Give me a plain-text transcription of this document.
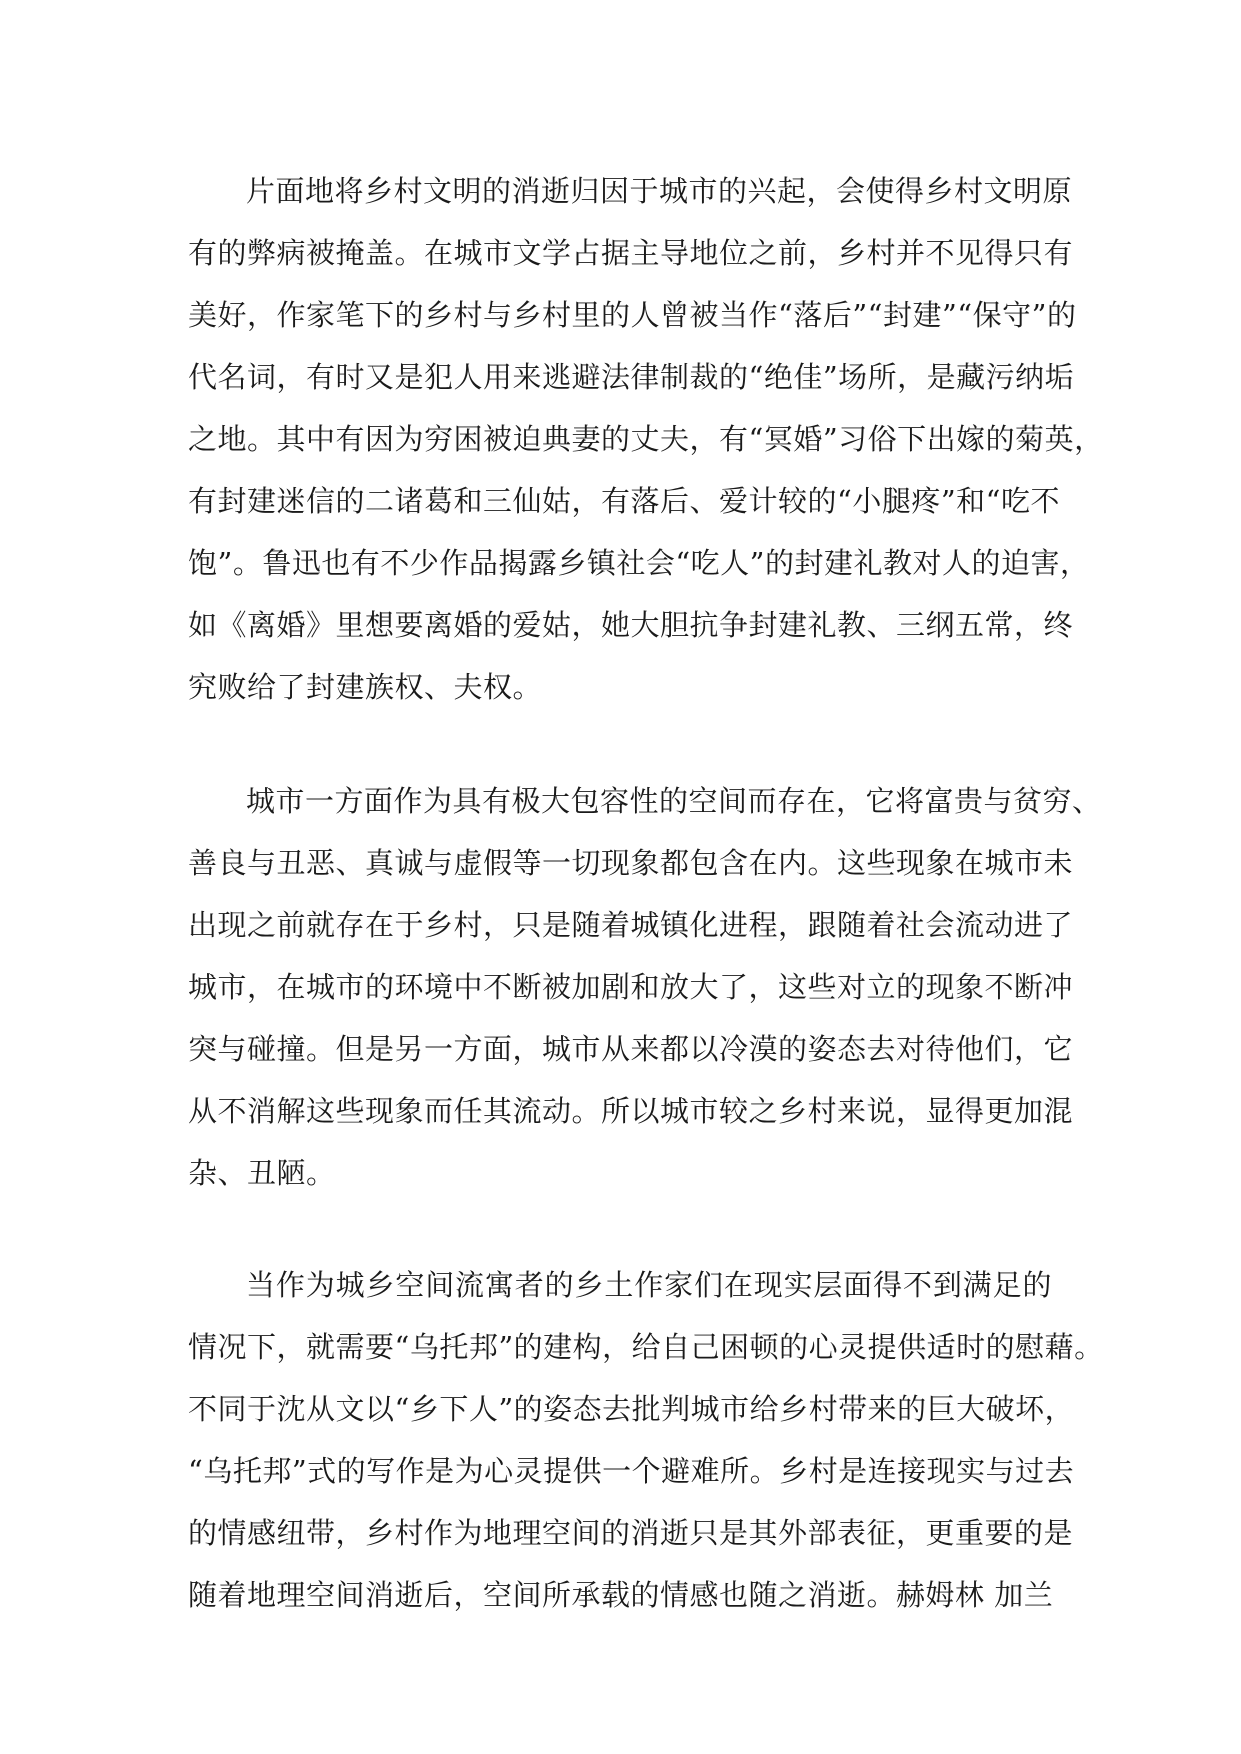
片面地将乡村文明的消逝归因于城市的兴起，会使得乡村文明原
有的弊病被掩盖。在城市文学占据主导地位之前，乡村并不见得只有
美好，作家笔下的乡村与乡村里的人曾被当作“落后”“封建”“保守”的
代名词，有时又是犯人用来逃避法律制裁的“绝佳”场所，是藏污纳垢
之地。其中有因为穷困被迫典妻的丈夫，有“冥婚”习俗下出嫁的菊英，
有封建迷信的二诸葛和三仙姑，有落后、爱计较的“小腿疼”和“吃不
饱”。鲁迅也有不少作品揭露乡镇社会“吃人”的封建礼教对人的迫害，
如《离婚》里想要离婚的爱姑，她大胆抗争封建礼教、三纲五常，终
究败给了封建族权、夫权。
城市一方面作为具有极大包容性的空间而存在，它将富贵与贫穷、
善良与丑恶、真诚与虚假等一切现象都包含在内。这些现象在城市未
出现之前就存在于乡村，只是随着城镇化进程，跟随着社会流动进了
城市，在城市的环境中不断被加剧和放大了，这些对立的现象不断冲
突与碰撞。但是另一方面，城市从来都以冷漠的姿态去对待他们，它
从不消解这些现象而任其流动。所以城市较之乡村来说，显得更加混
杂、丑陋。
当作为城乡空间流寓者的乡土作家们在现实层面得不到满足的
情况下，就需要“乌托邦”的建构，给自己困顿的心灵提供适时的慰藉。
不同于沈从文以“乡下人”的姿态去批判城市给乡村带来的巨大破坏，
“乌托邦”式的写作是为心灵提供一个避难所。乡村是连接现实与过去
的情感纽带，乡村作为地理空间的消逝只是其外部表征，更重要的是
随着地理空间消逝后，空间所承载的情感也随之消逝。赫姆林 加兰
